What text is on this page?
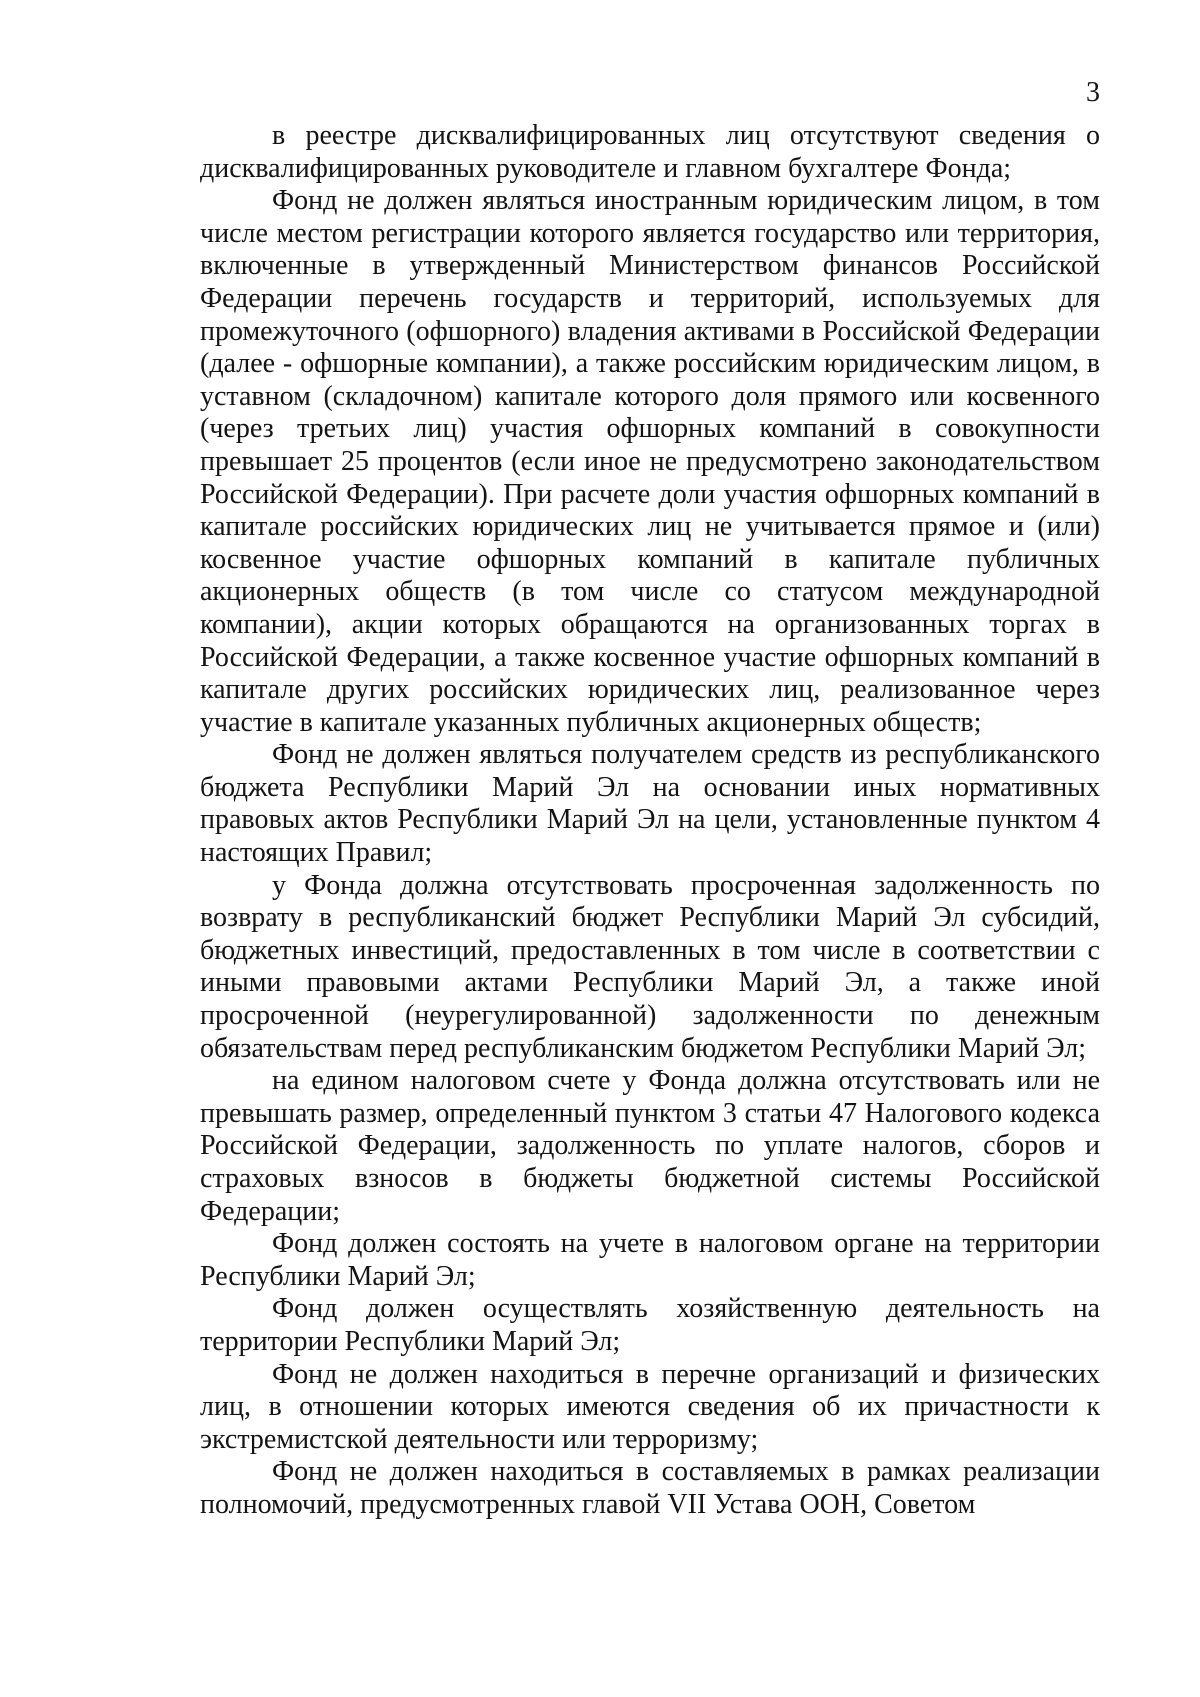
3

в реестре дисквалифицированных лиц отсутствуют сведения о дисквалифицированных руководителе и главном бухгалтере Фонда;

Фонд не должен являться иностранным юридическим лицом, в том числе местом регистрации которого является государство или территория, включенные в утвержденный Министерством финансов Российской Федерации перечень государств и территорий, используемых для промежуточного (офшорного) владения активами в Российской Федерации (далее - офшорные компании), а также российским юридическим лицом, в уставном (складочном) капитале которого доля прямого или косвенного (через третьих лиц) участия офшорных компаний в совокупности превышает 25 процентов (если иное не предусмотрено законодательством Российской Федерации). При расчете доли участия офшорных компаний в капитале российских юридических лиц не учитывается прямое и (или) косвенное участие офшорных компаний в капитале публичных акционерных обществ (в том числе со статусом международной компании), акции которых обращаются на организованных торгах в Российской Федерации, а также косвенное участие офшорных компаний в капитале других российских юридических лиц, реализованное через участие в капитале указанных публичных акционерных обществ;

Фонд не должен являться получателем средств из республиканского бюджета Республики Марий Эл на основании иных нормативных правовых актов Республики Марий Эл на цели, установленные пунктом 4 настоящих Правил;

у Фонда должна отсутствовать просроченная задолженность по возврату в республиканский бюджет Республики Марий Эл субсидий, бюджетных инвестиций, предоставленных в том числе в соответствии с иными правовыми актами Республики Марий Эл, а также иной просроченной (неурегулированной) задолженности по денежным обязательствам перед республиканским бюджетом Республики Марий Эл;

на едином налоговом счете у Фонда должна отсутствовать или не превышать размер, определенный пунктом 3 статьи 47 Налогового кодекса Российской Федерации, задолженность по уплате налогов, сборов и страховых взносов в бюджеты бюджетной системы Российской Федерации;

Фонд должен состоять на учете в налоговом органе на территории Республики Марий Эл;

Фонд должен осуществлять хозяйственную деятельность на территории Республики Марий Эл;

Фонд не должен находиться в перечне организаций и физических лиц, в отношении которых имеются сведения об их причастности к экстремистской деятельности или терроризму;

Фонд не должен находиться в составляемых в рамках реализации полномочий, предусмотренных главой VII Устава ООН, Советом
